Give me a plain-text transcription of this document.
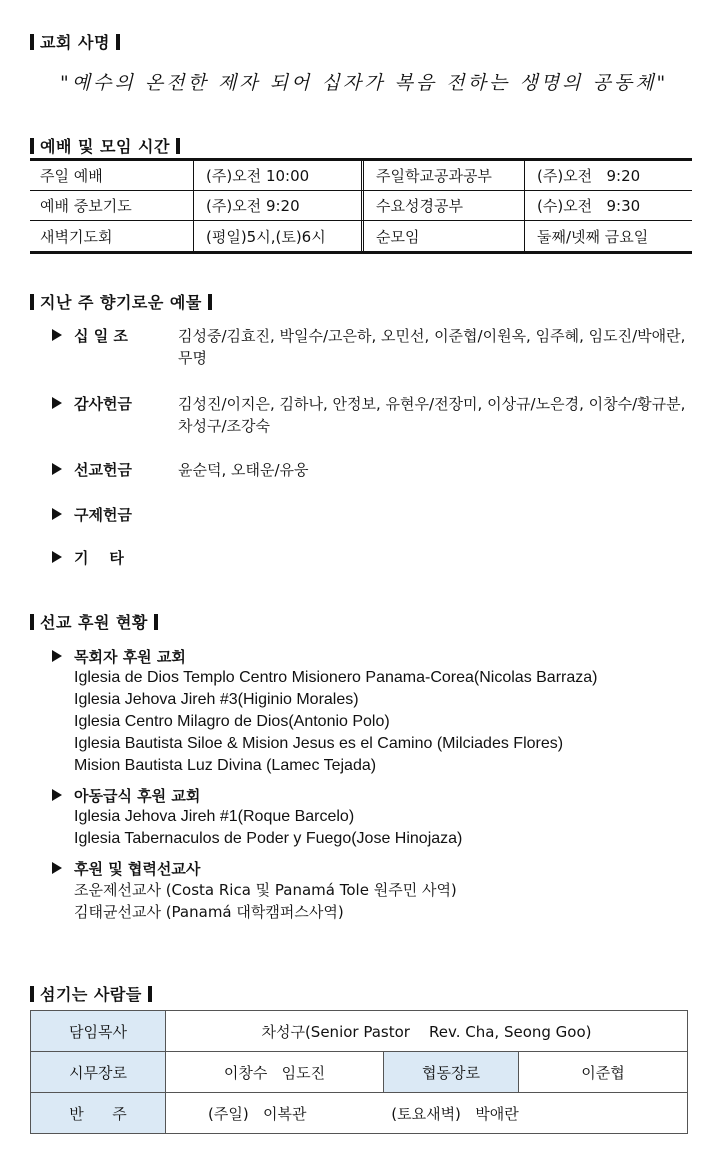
교회 사명
"예수의 온전한 제자 되어 십자가 복음 전하는 생명의 공동체"
예배 및 모임 시간
주일 예배	(주)오전 10:00	주일학교공과공부	(주)오전   9:20
예배 중보기도	(주)오전 9:20	수요성경공부	(수)오전   9:30
새벽기도회	(평일)5시,(토)6시	순모임	둘째/넷째 금요일
지난 주 향기로운 예물
십 일 조	김성중/김효진, 박일수/고은하, 오민선, 이준협/이원옥, 임주혜, 임도진/박애란, 무명
감사헌금	김성진/이지은, 김하나, 안정보, 유현우/전장미, 이상규/노은경, 이창수/황규분, 차성구/조강숙
선교헌금	윤순덕, 오태운/유웅
구제헌금
기    타
선교 후원 현황
목회자 후원 교회
Iglesia de Dios Templo Centro Misionero Panama-Corea(Nicolas Barraza)
Iglesia Jehova Jireh #3(Higinio Morales)
Iglesia Centro Milagro de Dios(Antonio Polo)
Iglesia Bautista Siloe & Mision Jesus es el Camino (Milciades Flores)
Mision Bautista Luz Divina (Lamec Tejada)
아동급식 후원 교회
Iglesia Jehova Jireh #1(Roque Barcelo)
Iglesia Tabernaculos de Poder y Fuego(Jose Hinojaza)
후원 및 협력선교사
조운제선교사 (Costa Rica 및 Panamá Tole 원주민 사역)
김태균선교사 (Panamá 대학캠퍼스사역)
섬기는 사람들
담임목사	차성구(Senior Pastor    Rev. Cha, Seong Goo)		
시무장로	이창수   임도진	협동장로	이준협
반      주	(주일)   이복관 (토요새벽)   박애란		
